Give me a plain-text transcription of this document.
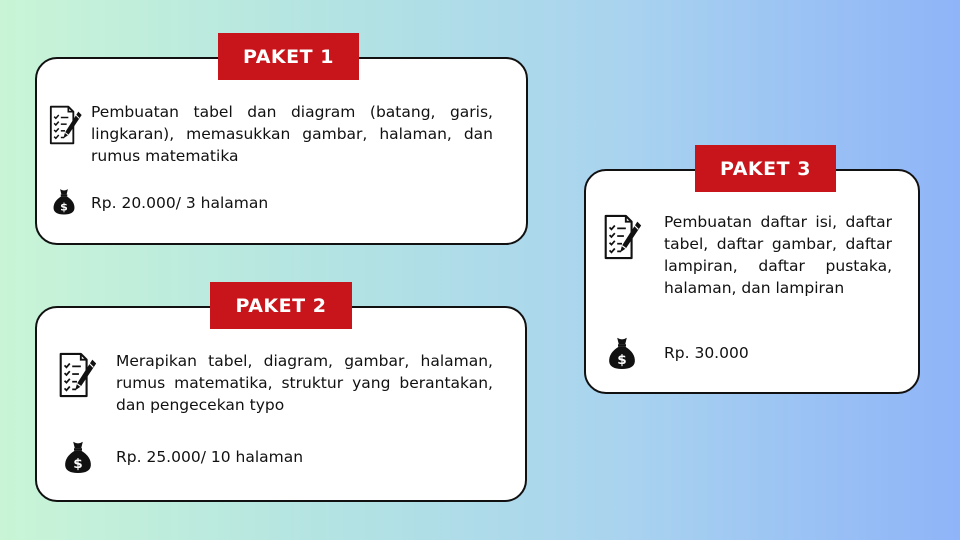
PAKET 1
Pembuatan tabel dan diagram (batang, garis, lingkaran), memasukkan gambar, halaman, dan rumus matematika
Rp. 20.000/ 3 halaman
PAKET 2
Merapikan tabel, diagram, gambar, halaman, rumus matematika, struktur yang berantakan, dan pengecekan typo
Rp. 25.000/ 10 halaman
PAKET 3
Pembuatan daftar isi, daftar tabel, daftar gambar, daftar lampiran, daftar pustaka, halaman, dan lampiran
Rp. 30.000
